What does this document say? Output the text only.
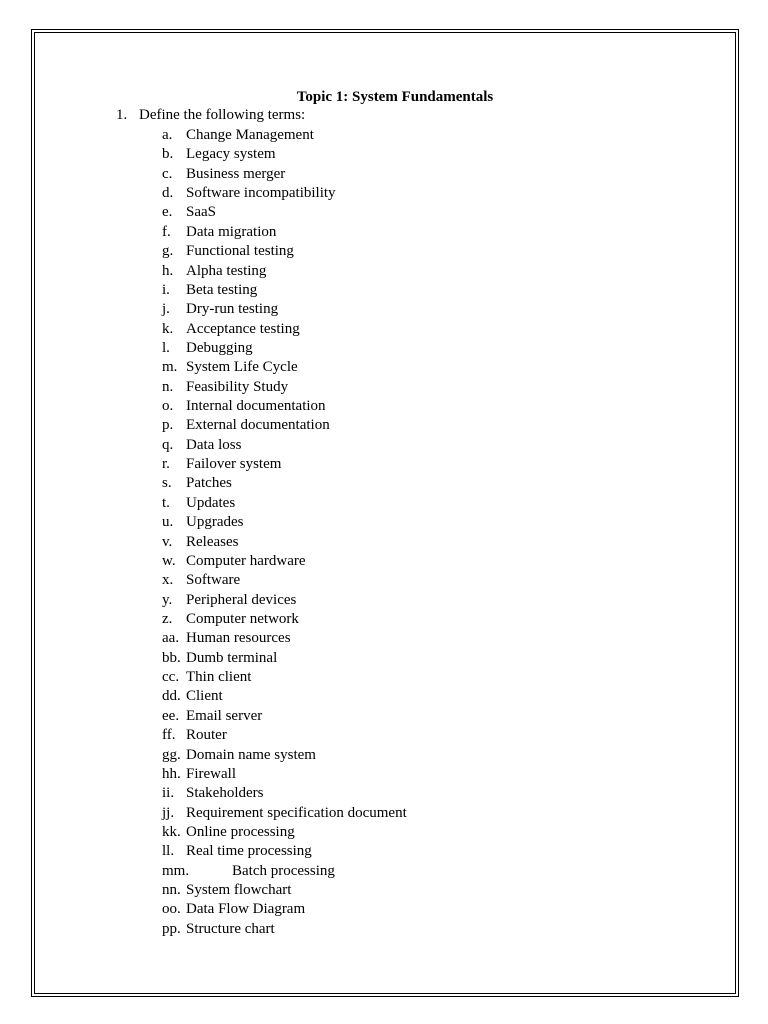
Topic 1: System Fundamentals
1. Define the following terms:
a. Change Management
b. Legacy system
c. Business merger
d. Software incompatibility
e. SaaS
f. Data migration
g. Functional testing
h. Alpha testing
i. Beta testing
j. Dry-run testing
k. Acceptance testing
l. Debugging
m. System Life Cycle
n. Feasibility Study
o. Internal documentation
p. External documentation
q. Data loss
r. Failover system
s. Patches
t. Updates
u. Upgrades
v. Releases
w. Computer hardware
x. Software
y. Peripheral devices
z. Computer network
aa. Human resources
bb. Dumb terminal
cc. Thin client
dd. Client
ee. Email server
ff. Router
gg. Domain name system
hh. Firewall
ii. Stakeholders
jj. Requirement specification document
kk. Online processing
ll. Real time processing
mm.	Batch processing
nn. System flowchart
oo. Data Flow Diagram
pp. Structure chart
